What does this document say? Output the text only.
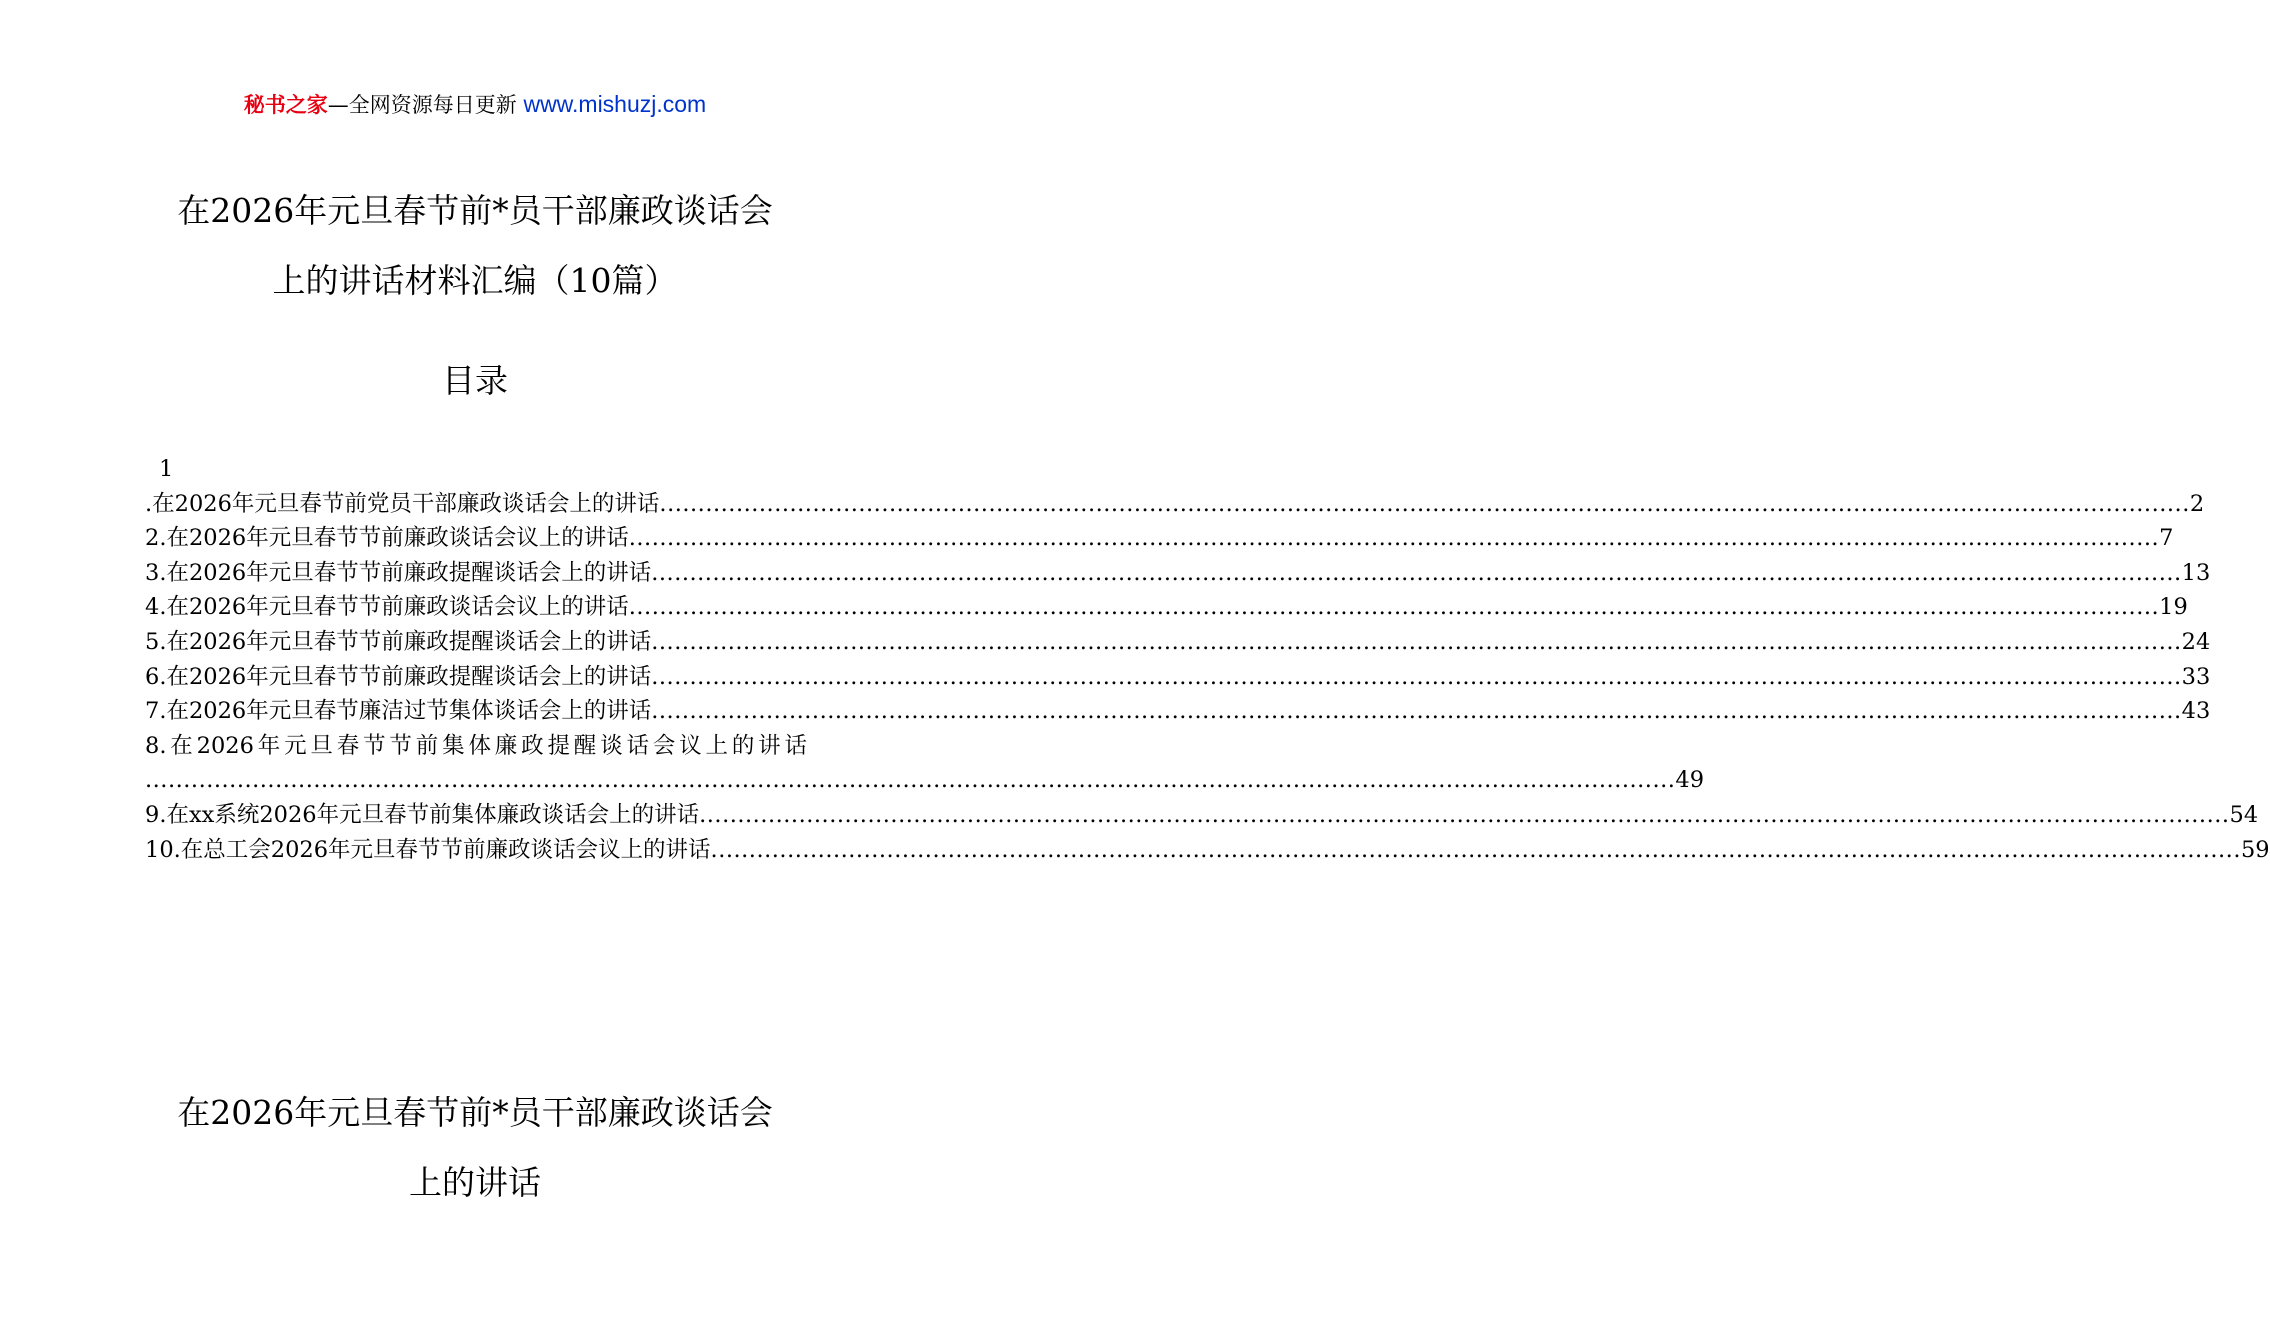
秘书之家—全网资源每日更新 www.mishuzj.com
在2026年元旦春节前*员干部廉政谈话会
上的讲话材料汇编（10篇）
目录
1
.在2026年元旦春节前党员干部廉政谈话会上的讲话 ........................................................................................................................................................................................................ 2
2.在2026年元旦春节节前廉政谈话会议上的讲话 ........................................................................................................................................................................................................ 7
3.在2026年元旦春节节前廉政提醒谈话会上的讲话 ........................................................................................................................................................................................................ 13
4.在2026年元旦春节节前廉政谈话会议上的讲话 ........................................................................................................................................................................................................ 19
5.在2026年元旦春节节前廉政提醒谈话会上的讲话 ........................................................................................................................................................................................................ 24
6.在2026年元旦春节节前廉政提醒谈话会上的讲话 ........................................................................................................................................................................................................ 33
7.在2026年元旦春节廉洁过节集体谈话会上的讲话 ........................................................................................................................................................................................................ 43
8.在2026年元旦春节节前集体廉政提醒谈话会议上的讲话
........................................................................................................................................................................................................ 49
9.在xx系统2026年元旦春节前集体廉政谈话会上的讲话 ........................................................................................................................................................................................................ 54
10.在总工会2026年元旦春节节前廉政谈话会议上的讲话 ........................................................................................................................................................................................................ 59
在2026年元旦春节前*员干部廉政谈话会
上的讲话
